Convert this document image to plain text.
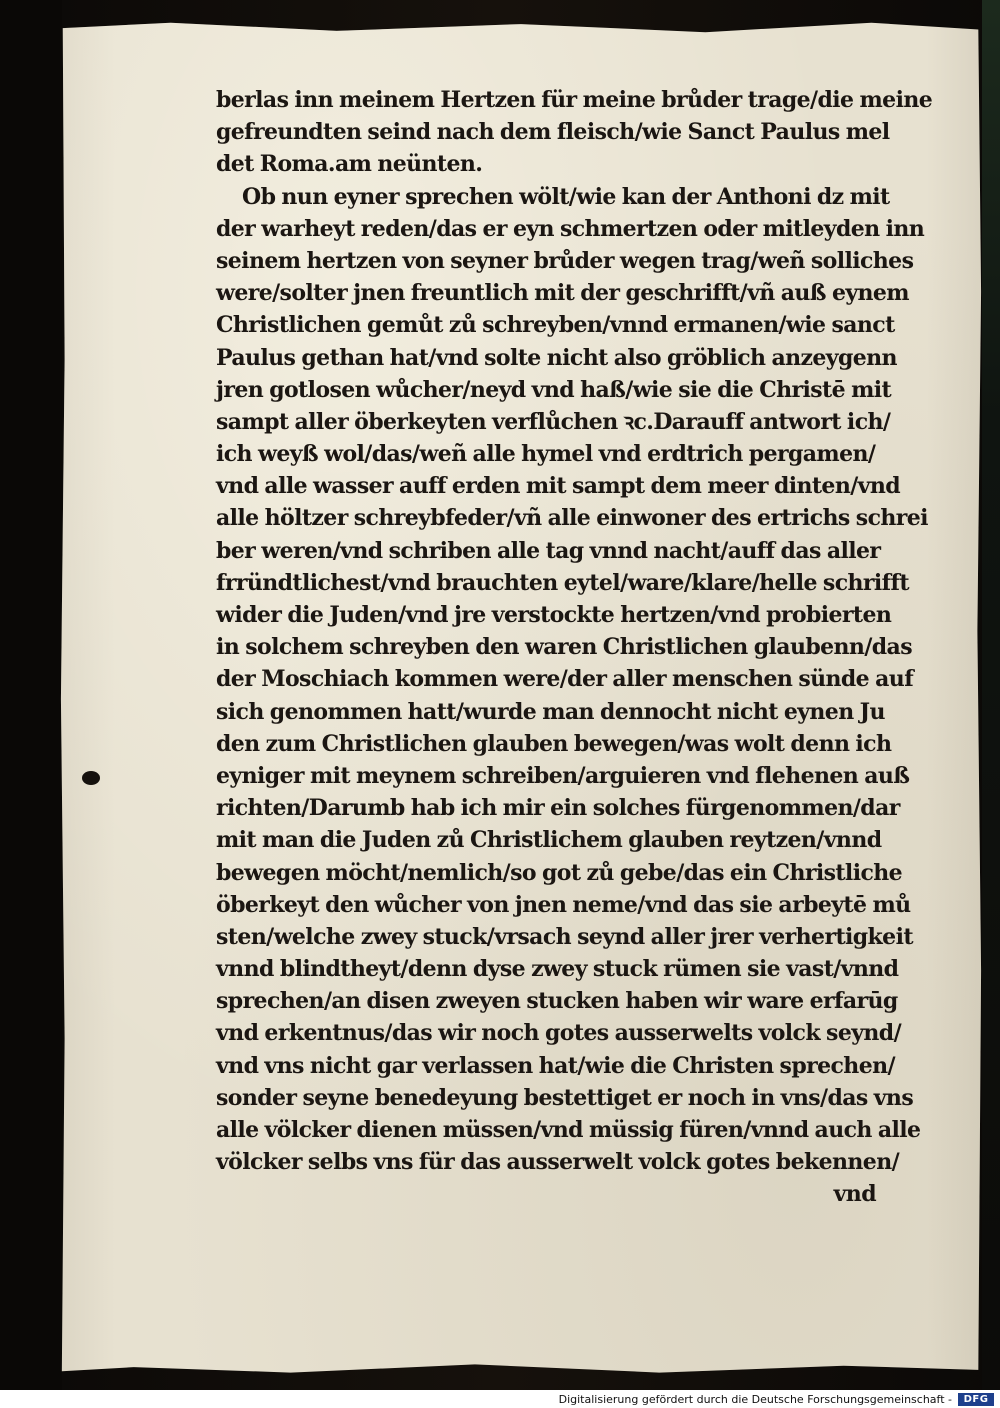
berlas inn meinem Hertzen für meine brůder trage/die meine
gefreundten seind nach dem fleisch/wie Sanct Paulus mel
det Roma.am neünten.
Ob nun eyner sprechen wölt/wie kan der Anthoni dz mit
der warheyt reden/das er eyn schmertzen oder mitleyden inn
seinem hertzen von seyner brůder wegen trag/weñ solliches
were/solter jnen freuntlich mit der geschrifft/vñ auß eynem
Christlichen gemůt zů schreyben/vnnd ermanen/wie sanct
Paulus gethan hat/vnd solte nicht also gröblich anzeygenn
jren gotlosen wůcher/neyd vnd haß/wie sie die Christē mit
sampt aller öberkeyten verflůchen ꝛc.Darauff antwort ich/
ich weyß wol/das/weñ alle hymel vnd erdtrich pergamen/
vnd alle wasser auff erden mit sampt dem meer dinten/vnd
alle höltzer schreybfeder/vñ alle einwoner des ertrichs schrei
ber weren/vnd schriben alle tag vnnd nacht/auff das aller
frründtlichest/vnd brauchten eytel/ware/klare/helle schrifft
wider die Juden/vnd jre verstockte hertzen/vnd probierten
in solchem schreyben den waren Christlichen glaubenn/das
der Moschiach kommen were/der aller menschen sünde auf
sich genommen hatt/wurde man dennocht nicht eynen Ju
den zum Christlichen glauben bewegen/was wolt denn ich
eyniger mit meynem schreiben/arguieren vnd flehenen auß
richten/Darumb hab ich mir ein solches fürgenommen/dar
mit man die Juden zů Christlichem glauben reytzen/vnnd
bewegen möcht/nemlich/so got zů gebe/das ein Christliche
öberkeyt den wůcher von jnen neme/vnd das sie arbeytē mů
sten/welche zwey stuck/vrsach seynd aller jrer verhertigkeit
vnnd blindtheyt/denn dyse zwey stuck rümen sie vast/vnnd
sprechen/an disen zweyen stucken haben wir ware erfarūg
vnd erkentnus/das wir noch gotes ausserwelts volck seynd/
vnd vns nicht gar verlassen hat/wie die Christen sprechen/
sonder seyne benedeyung bestettiget er noch in vns/das vns
alle völcker dienen müssen/vnd müssig füren/vnnd auch alle
völcker selbs vns für das ausserwelt volck gotes bekennen/
vnd
Digitalisierung gefördert durch die Deutsche Forschungsgemeinschaft -	DFG
